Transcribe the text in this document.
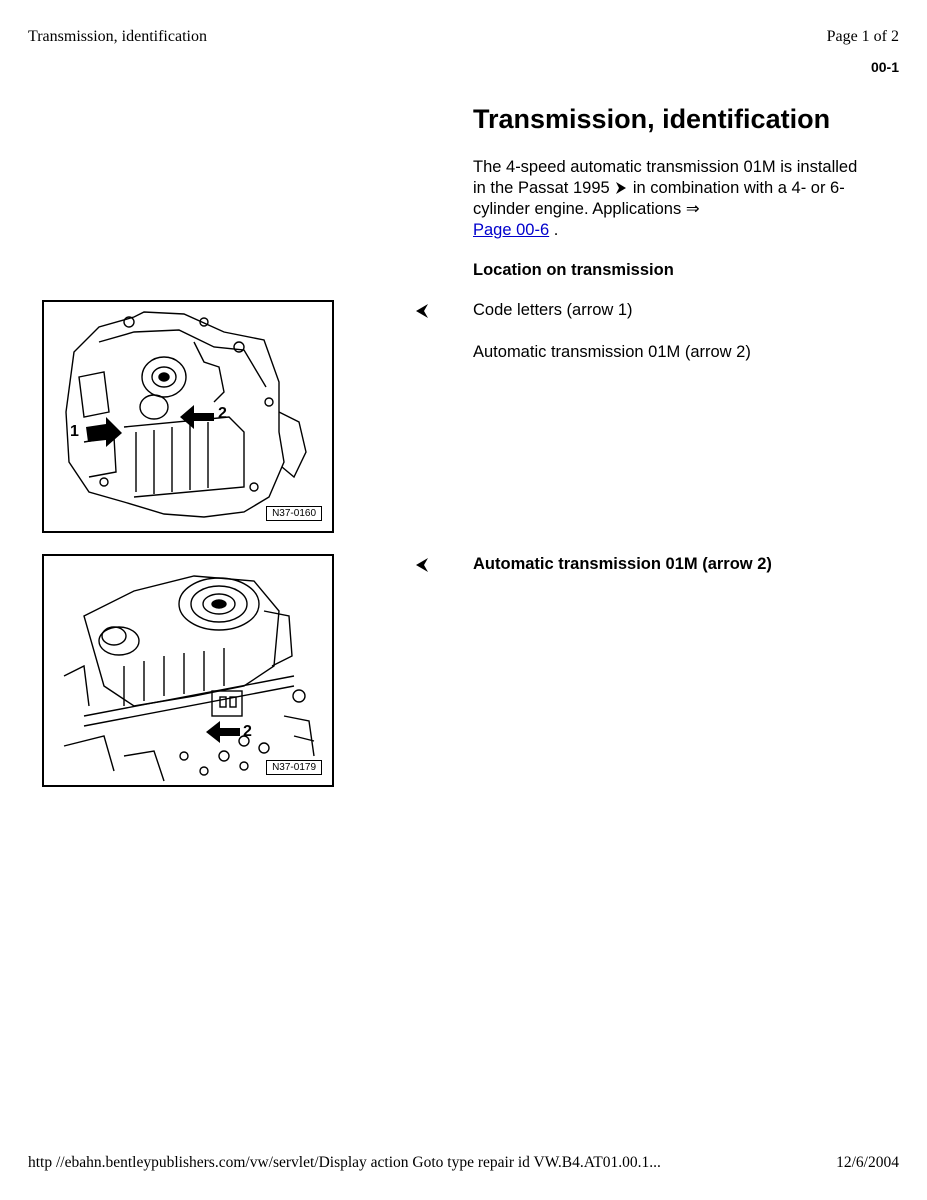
Transmission, identification	Page 1 of 2
00-1
Transmission, identification
The 4-speed automatic transmission 01M is installed in the Passat 1995
in combination with a 4- or 6-cylinder engine. Applications ⇒
Page 00-6 .
Location on transmission
1
2
N37-0160
Code letters (arrow 1)
Automatic transmission 01M (arrow 2)
2
N37-0179
Automatic transmission 01M (arrow 2)
http //ebahn.bentleypublishers.com/vw/servlet/Display action Goto type repair id VW.B4.AT01.00.1...	12/6/2004
